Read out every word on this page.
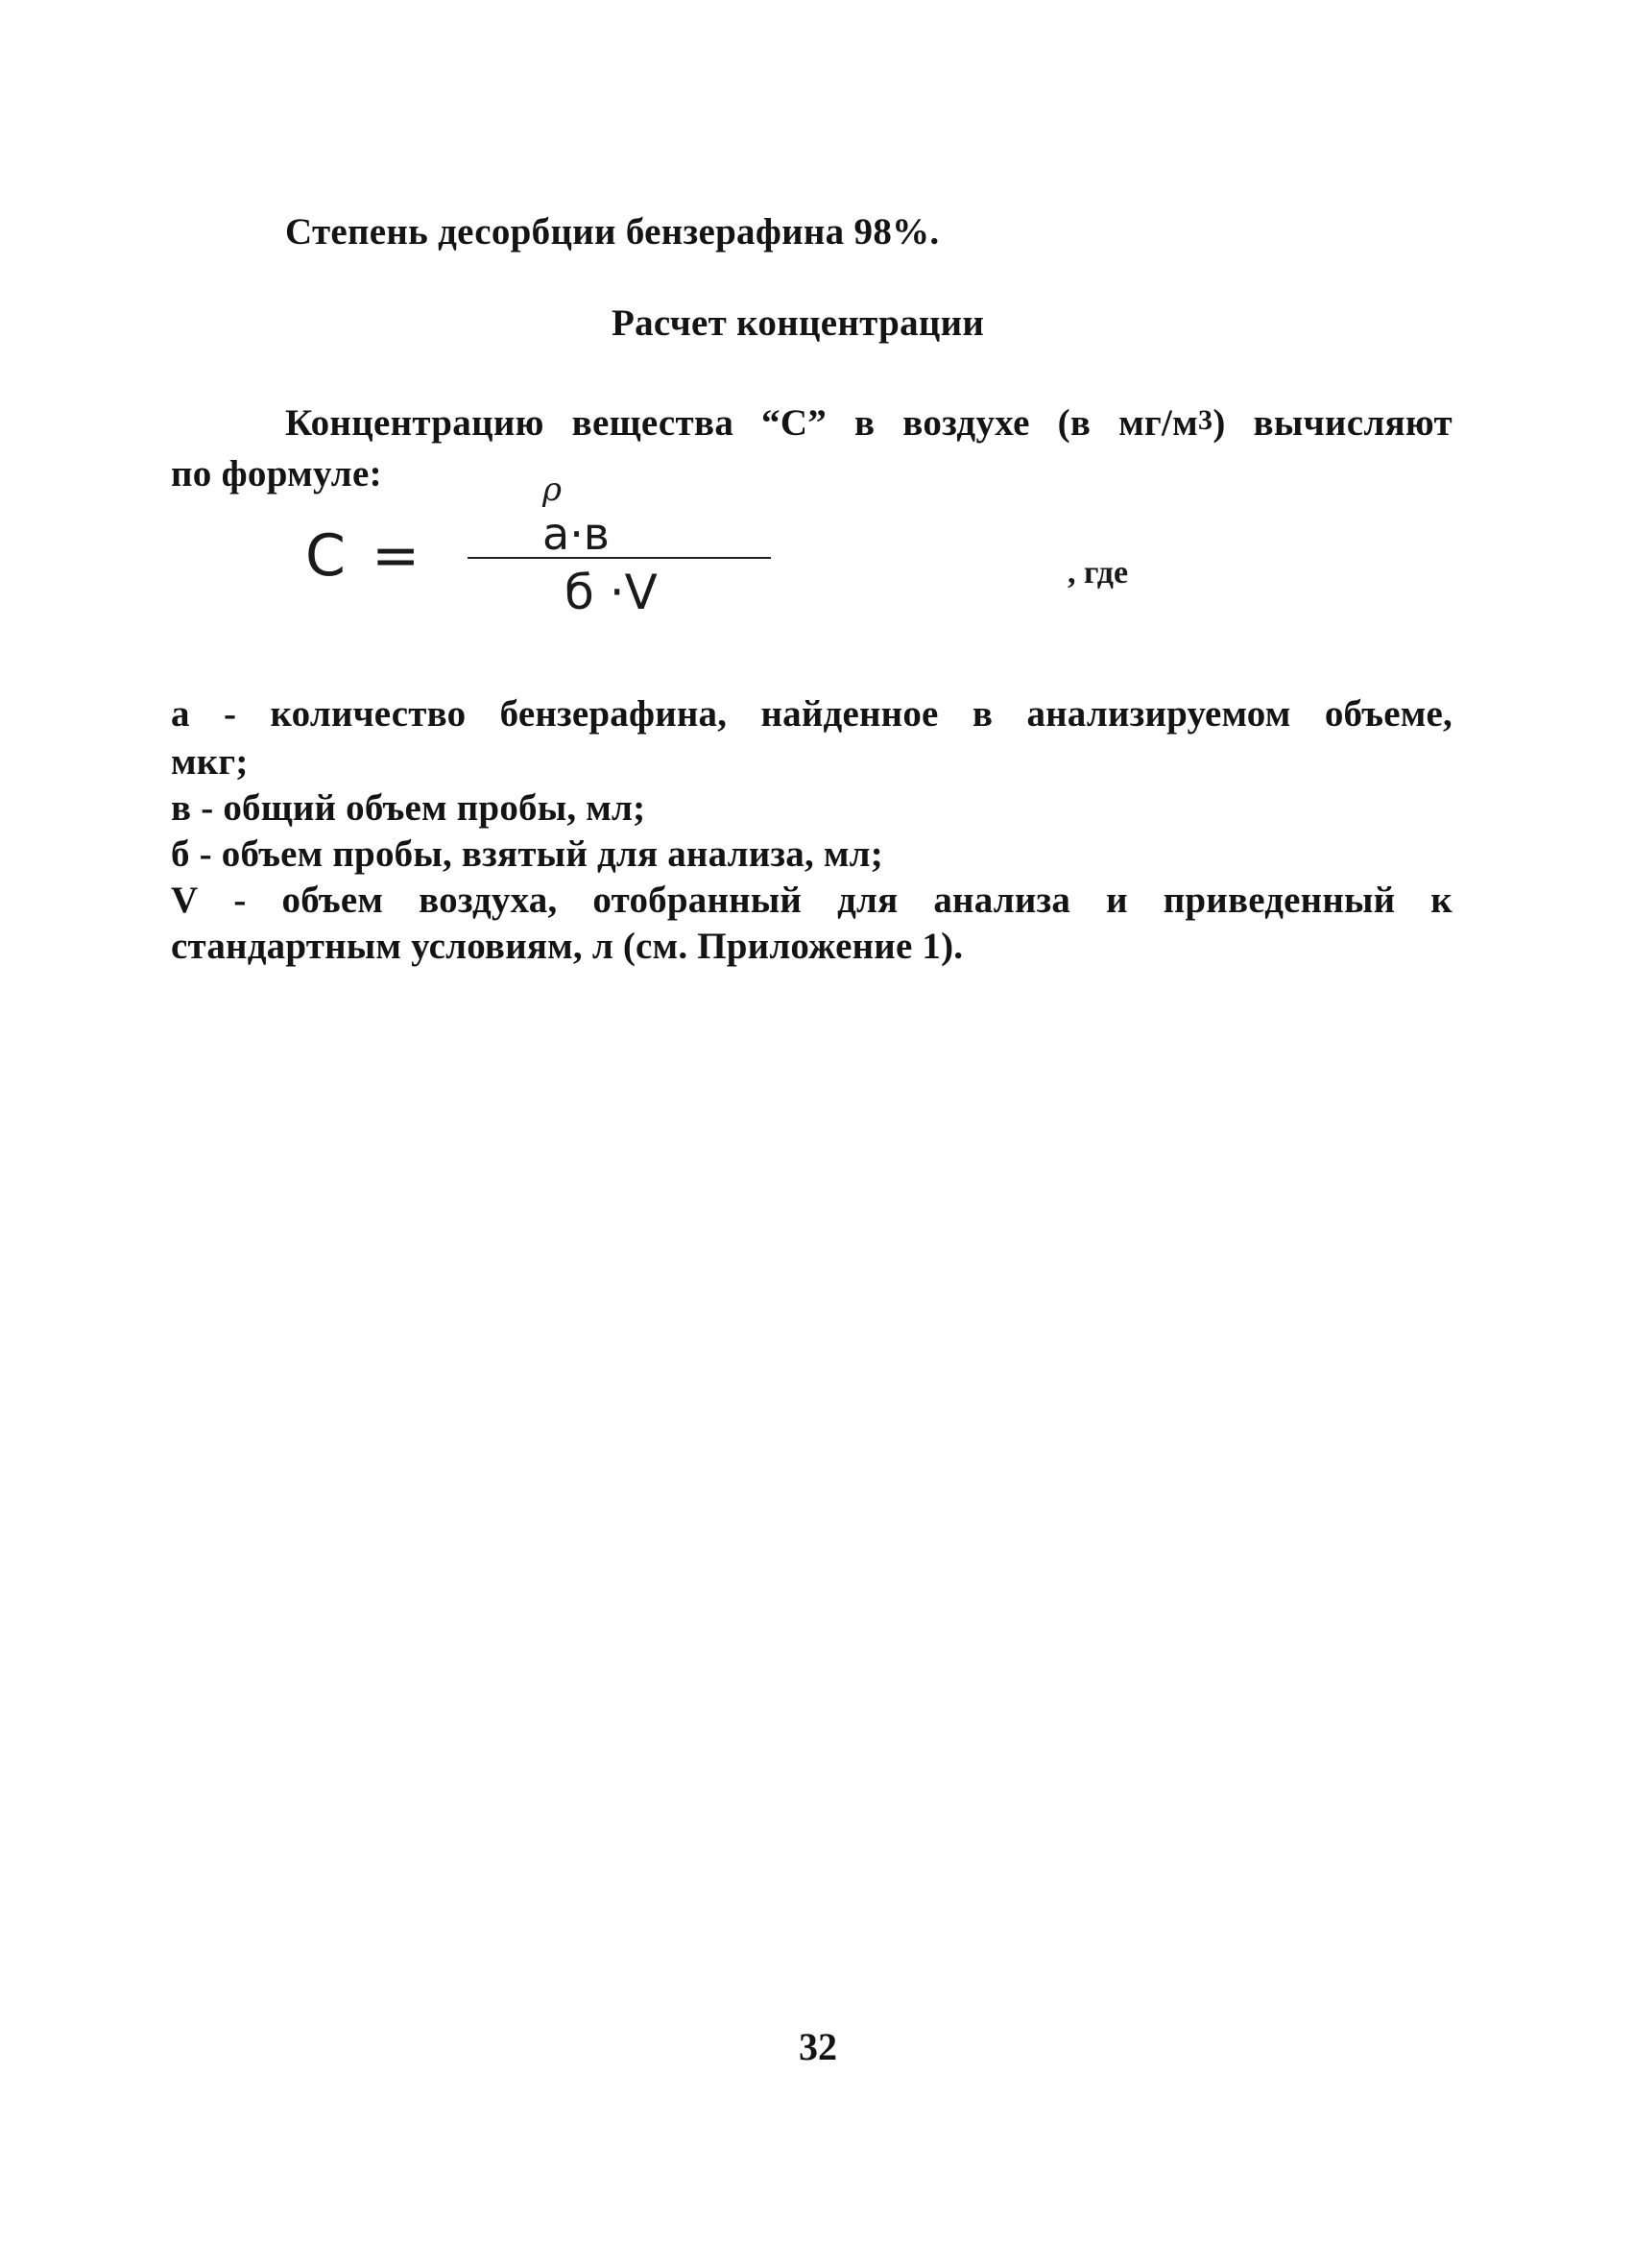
Степень десорбции бензерафина 98%.
Расчет концентрации
Концентрацию вещества “С” в воздухе (в $мг/м^3$) вычисляют
по формуле:
С =
ρ
а·в
б ·V	, где
а - количество бензерафина, найденное в анализируемом объеме,
мкг;
в - общий объем пробы, мл;
б - объем пробы, взятый для анализа, мл;
V - объем воздуха, отобранный для анализа и приведенный к
стандартным условиям, л (см. Приложение 1).
32
